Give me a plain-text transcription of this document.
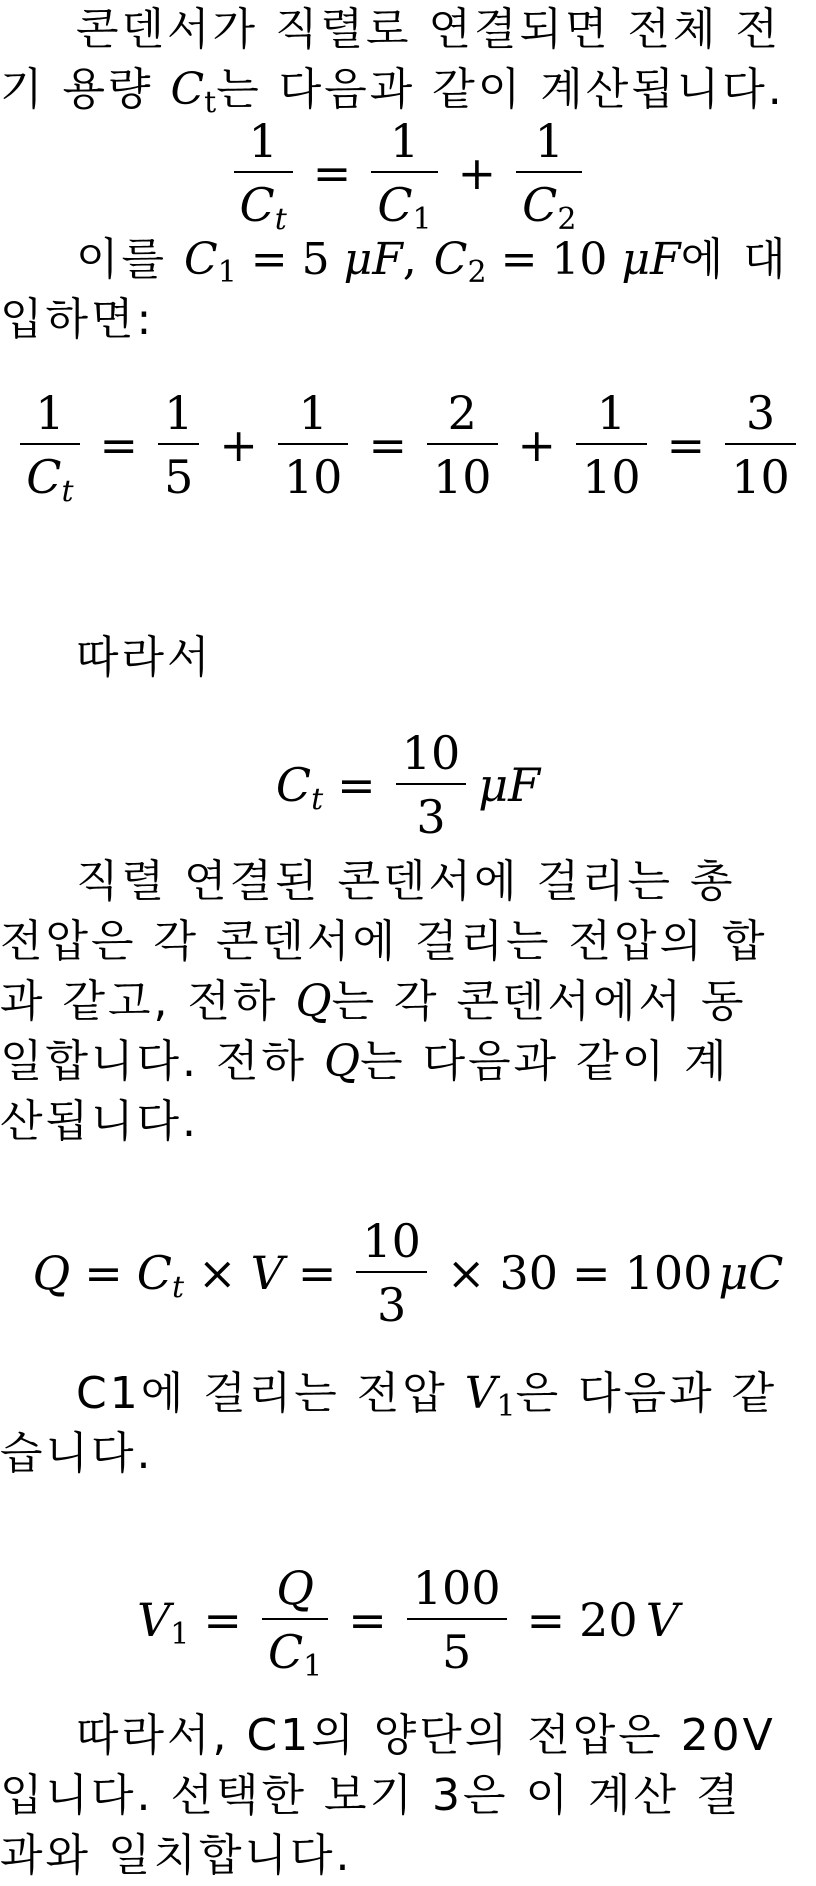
콘덴서가 직렬로 연결되면 전체 전
기 용량 $C_t$는 다음과 같이 계산됩니다.
$\frac{1}{C_t} = \frac{1}{C_1} + \frac{1}{C_2}$
이를 $C_1 = 5$ μF, $C_2 = 10$ μF에 대
입하면:
$\frac{1}{C_t} = \frac{1}{5} + \frac{1}{10} = \frac{2}{10} + \frac{1}{10} = \frac{3}{10}$
따라서
$C_t = \frac{10}{3}$ μF
직렬 연결된 콘덴서에 걸리는 총
전압은 각 콘덴서에 걸리는 전압의 합
과 같고, 전하 Q는 각 콘덴서에서 동
일합니다. 전하 Q는 다음과 같이 계
산됩니다.
$Q = C_t \times V = \frac{10}{3} \times 30 = 100$ μC
C1에 걸리는 전압 $V_1$은 다음과 같
습니다.
$V_1 = \frac{Q}{C_1} = \frac{100}{5} = 20$ V
따라서, C1의 양단의 전압은 20V
입니다. 선택한 보기 3은 이 계산 결
과와 일치합니다.
